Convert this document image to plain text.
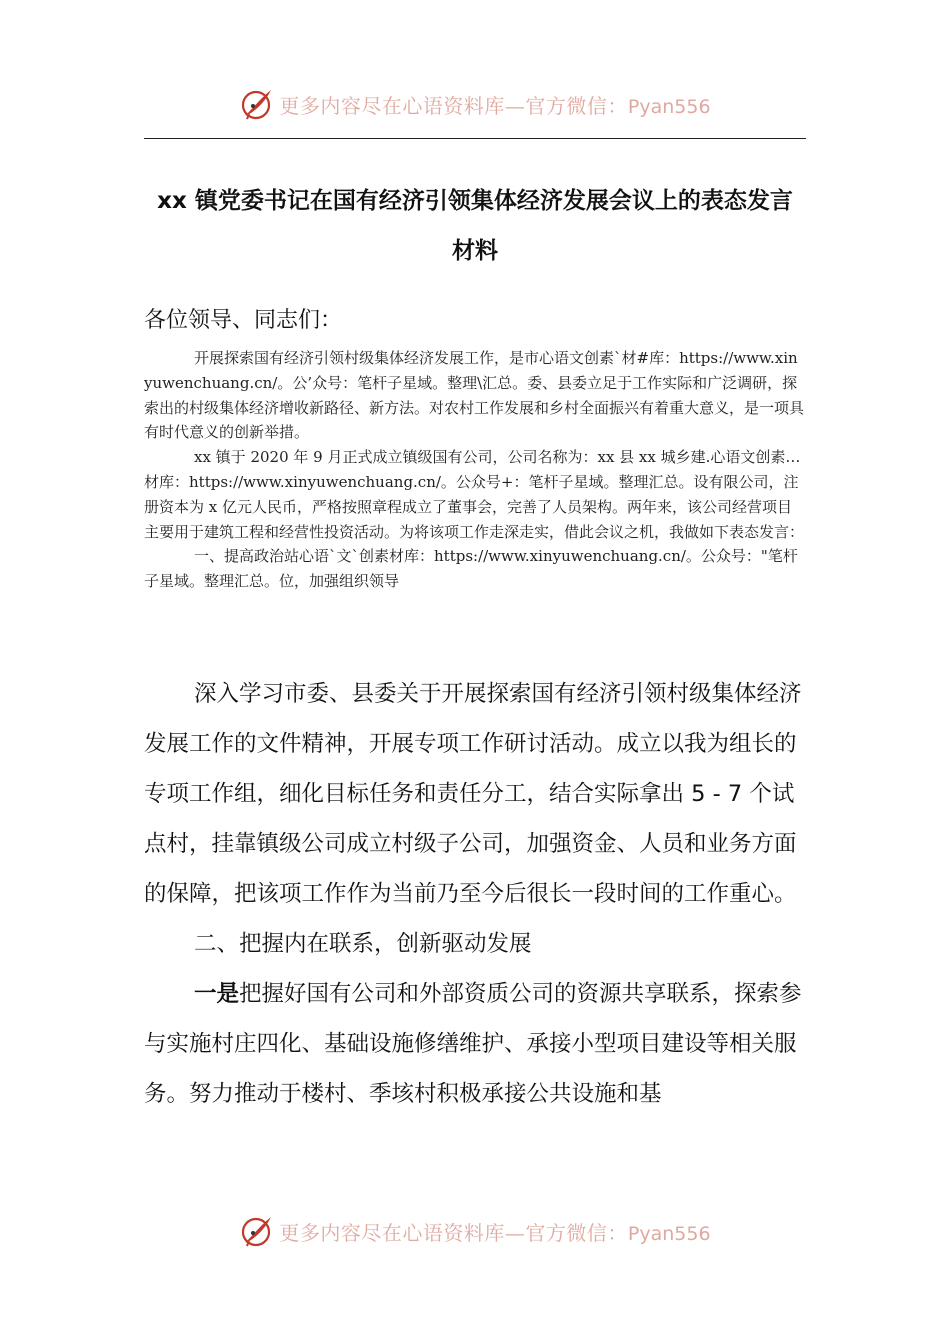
更多内容尽在心语资料库—官方微信：Pyan556
xx 镇党委书记在国有经济引领集体经济发展会议上的表态发言
材料

各位领导、同志们：

开展探索国有经济引领村级集体经济发展工作，是市心语文创素`材#库：https://www.xinyuwenchuang.cn/。公’众号：笔杆子星域。整理\汇总。委、县委立足于工作实际和广泛调研，探索出的村级集体经济增收新路径、新方法。对农村工作发展和乡村全面振兴有着重大意义，是一项具有时代意义的创新举措。

xx 镇于 2020 年 9 月正式成立镇级国有公司，公司名称为：xx 县 xx 城乡建.心语文创素…材库：https://www.xinyuwenchuang.cn/。公众号+：笔杆子星域。整理汇总。设有限公司，注册资本为 x 亿元人民币，严格按照章程成立了董事会，完善了人员架构。两年来，该公司经营项目主要用于建筑工程和经营性投资活动。为将该项工作走深走实，借此会议之机，我做如下表态发言：

一、提高政治站心语`文`创素材库：https://www.xinyuwenchuang.cn/。公众号："笔杆子星域。整理汇总。位，加强组织领导

深入学习市委、县委关于开展探索国有经济引领村级集体经济发展工作的文件精神，开展专项工作研讨活动。成立以我为组长的专项工作组，细化目标任务和责任分工，结合实际拿出 5 - 7 个试点村，挂靠镇级公司成立村级子公司，加强资金、人员和业务方面的保障，把该项工作作为当前乃至今后很长一段时间的工作重心。

二、把握内在联系，创新驱动发展

一是把握好国有公司和外部资质公司的资源共享联系，探索参与实施村庄四化、基础设施修缮维护、承接小型项目建设等相关服务。努力推动于楼村、季垓村积极承接公共设施和基

更多内容尽在心语资料库—官方微信：Pyan556
